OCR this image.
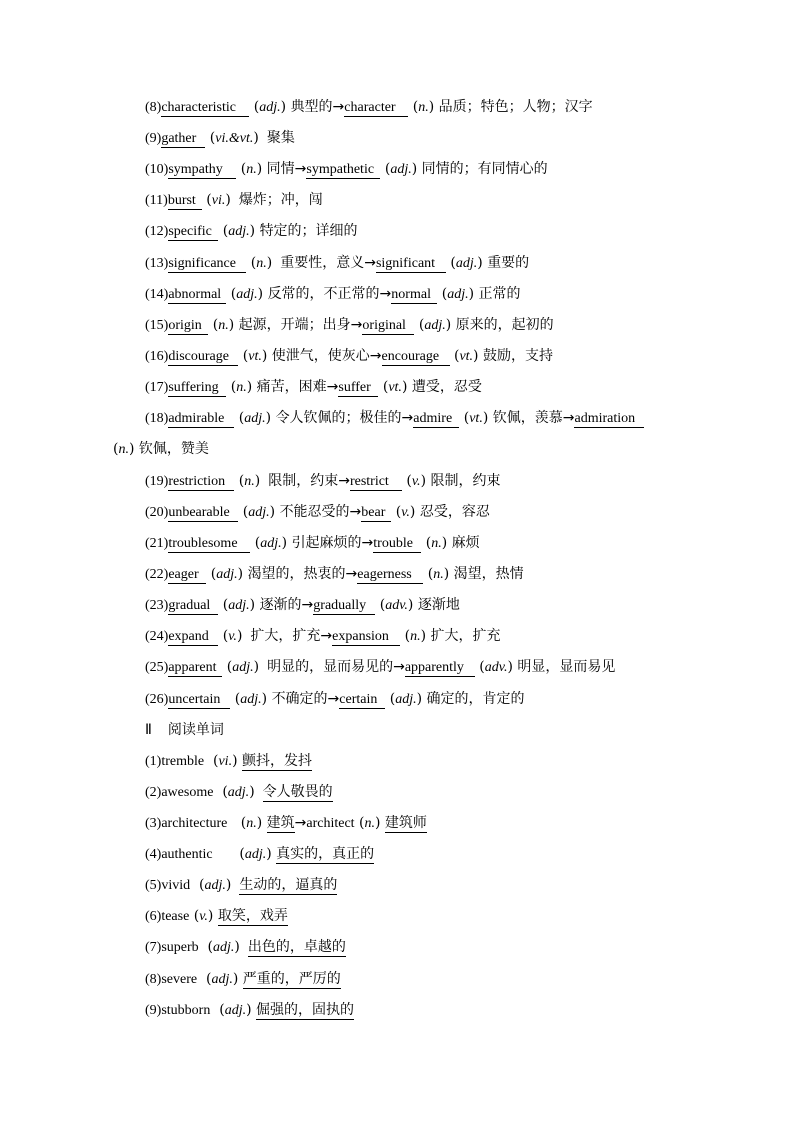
(8)characteristic (adj.) 典型的→character (n.) 品质；特色；人物；汉字
(9)gather (vi.&vt.) 聚集
(10)sympathy (n.) 同情→sympathetic (adj.) 同情的；有同情心的
(11)burst (vi.) 爆炸；冲，闯
(12)specific (adj.) 特定的；详细的
(13)significance (n.) 重要性，意义→significant (adj.) 重要的
(14)abnormal (adj.) 反常的，不正常的→normal (adj.) 正常的
(15)origin (n.) 起源，开端；出身→original (adj.) 原来的，起初的
(16)discourage (vt.) 使泄气，使灰心→encourage (vt.) 鼓励，支持
(17)suffering (n.) 痛苦，困难→suffer (vt.) 遭受，忍受
(18)admirable (adj.) 令人钦佩的；极佳的→admire (vt.) 钦佩，羡慕→admiration
(n.) 钦佩，赞美
(19)restriction (n.) 限制，约束→restrict (v.) 限制，约束
(20)unbearable (adj.) 不能忍受的→bear (v.) 忍受，容忍
(21)troublesome (adj.) 引起麻烦的→trouble (n.) 麻烦
(22)eager (adj.) 渴望的，热衷的→eagerness (n.) 渴望，热情
(23)gradual (adj.) 逐渐的→gradually (adv.) 逐渐地
(24)expand (v.) 扩大，扩充→expansion (n.) 扩大，扩充
(25)apparent (adj.) 明显的，显而易见的→apparently (adv.) 明显，显而易见
(26)uncertain (adj.) 不确定的→certain (adj.) 确定的，肯定的
Ⅱ 阅读单词
(1)tremble  (vi.) 颤抖，发抖
(2)awesome  (adj.) 令人敬畏的
(3)architecture   (n.) 建筑→architect (n.) 建筑师
(4)authentic      (adj.) 真实的，真正的
(5)vivid  (adj.) 生动的，逼真的
(6)tease (v.) 取笑，戏弄
(7)superb  (adj.) 出色的，卓越的
(8)severe  (adj.) 严重的，严厉的
(9)stubborn  (adj.) 倔强的，固执的
